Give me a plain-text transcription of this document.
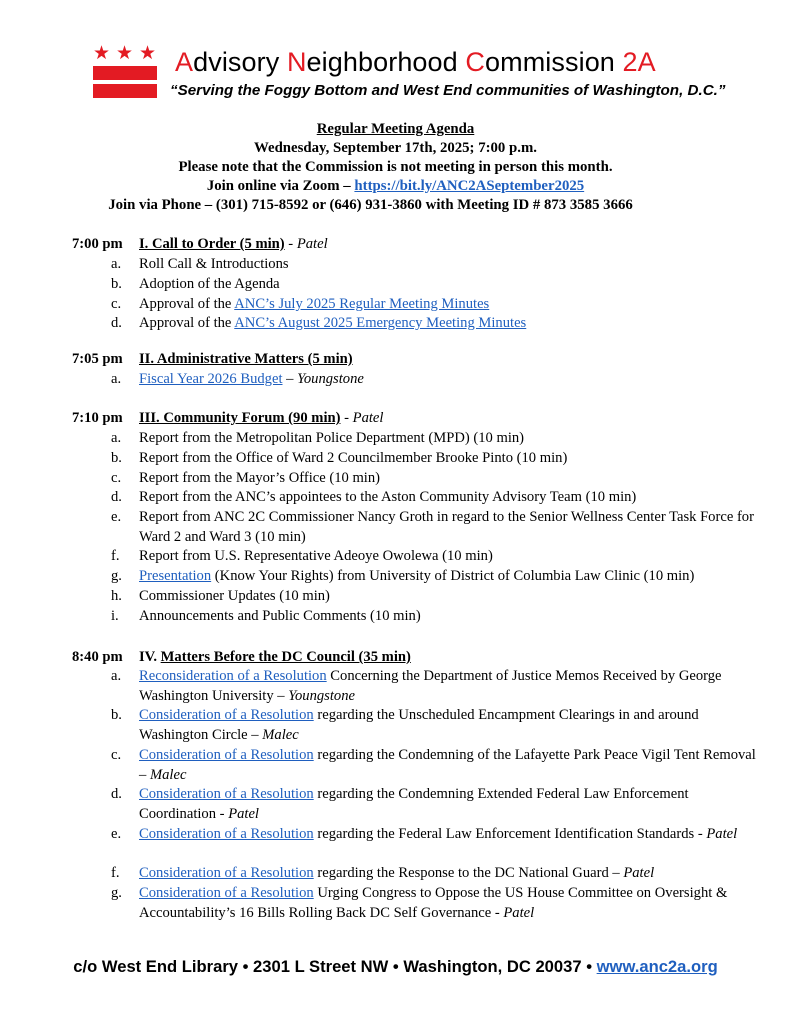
★ ★ ★ Advisory Neighborhood Commission 2A
“Serving the Foggy Bottom and West End communities of Washington, D.C.”
Regular Meeting Agenda
Wednesday, September 17th, 2025; 7:00 p.m.
Please note that the Commission is not meeting in person this month.
Join online via Zoom – https://bit.ly/ANC2ASeptember2025
Join via Phone – (301) 715-8592 or (646) 931-3860 with Meeting ID # 873 3585 3666
7:00 pm I. Call to Order (5 min) - Patel
a.	Roll Call & Introductions
b.	Adoption of the Agenda
c.	Approval of the ANC’s July 2025 Regular Meeting Minutes
d.	Approval of the ANC’s August 2025 Emergency Meeting Minutes
7:05 pm II. Administrative Matters (5 min)
a.	Fiscal Year 2026 Budget – Youngstone
7:10 pm III. Community Forum (90 min) - Patel
a.	Report from the Metropolitan Police Department (MPD) (10 min)
b.	Report from the Office of Ward 2 Councilmember Brooke Pinto (10 min)
c.	Report from the Mayor’s Office (10 min)
d.	Report from the ANC’s appointees to the Aston Community Advisory Team (10 min)
e.	Report from ANC 2C Commissioner Nancy Groth in regard to the Senior Wellness Center Task Force for Ward 2 and Ward 3 (10 min)
f.	Report from U.S. Representative Adeoye Owolewa (10 min)
g.	Presentation (Know Your Rights) from University of District of Columbia Law Clinic (10 min)
h.	Commissioner Updates (10 min)
i.	Announcements and Public Comments (10 min)
8:40 pm IV. Matters Before the DC Council (35 min)
a.	Reconsideration of a Resolution Concerning the Department of Justice Memos Received by George Washington University – Youngstone
b.	Consideration of a Resolution regarding the Unscheduled Encampment Clearings in and around Washington Circle – Malec
c.	Consideration of a Resolution regarding the Condemning of the Lafayette Park Peace Vigil Tent Removal – Malec
d.	Consideration of a Resolution regarding the Condemning Extended Federal Law Enforcement Coordination - Patel
e.	Consideration of a Resolution regarding the Federal Law Enforcement Identification Standards - Patel
f.	Consideration of a Resolution regarding the Response to the DC National Guard – Patel
g.	Consideration of a Resolution Urging Congress to Oppose the US House Committee on Oversight & Accountability’s 16 Bills Rolling Back DC Self Governance - Patel
c/o West End Library • 2301 L Street NW • Washington, DC 20037 • www.anc2a.org
